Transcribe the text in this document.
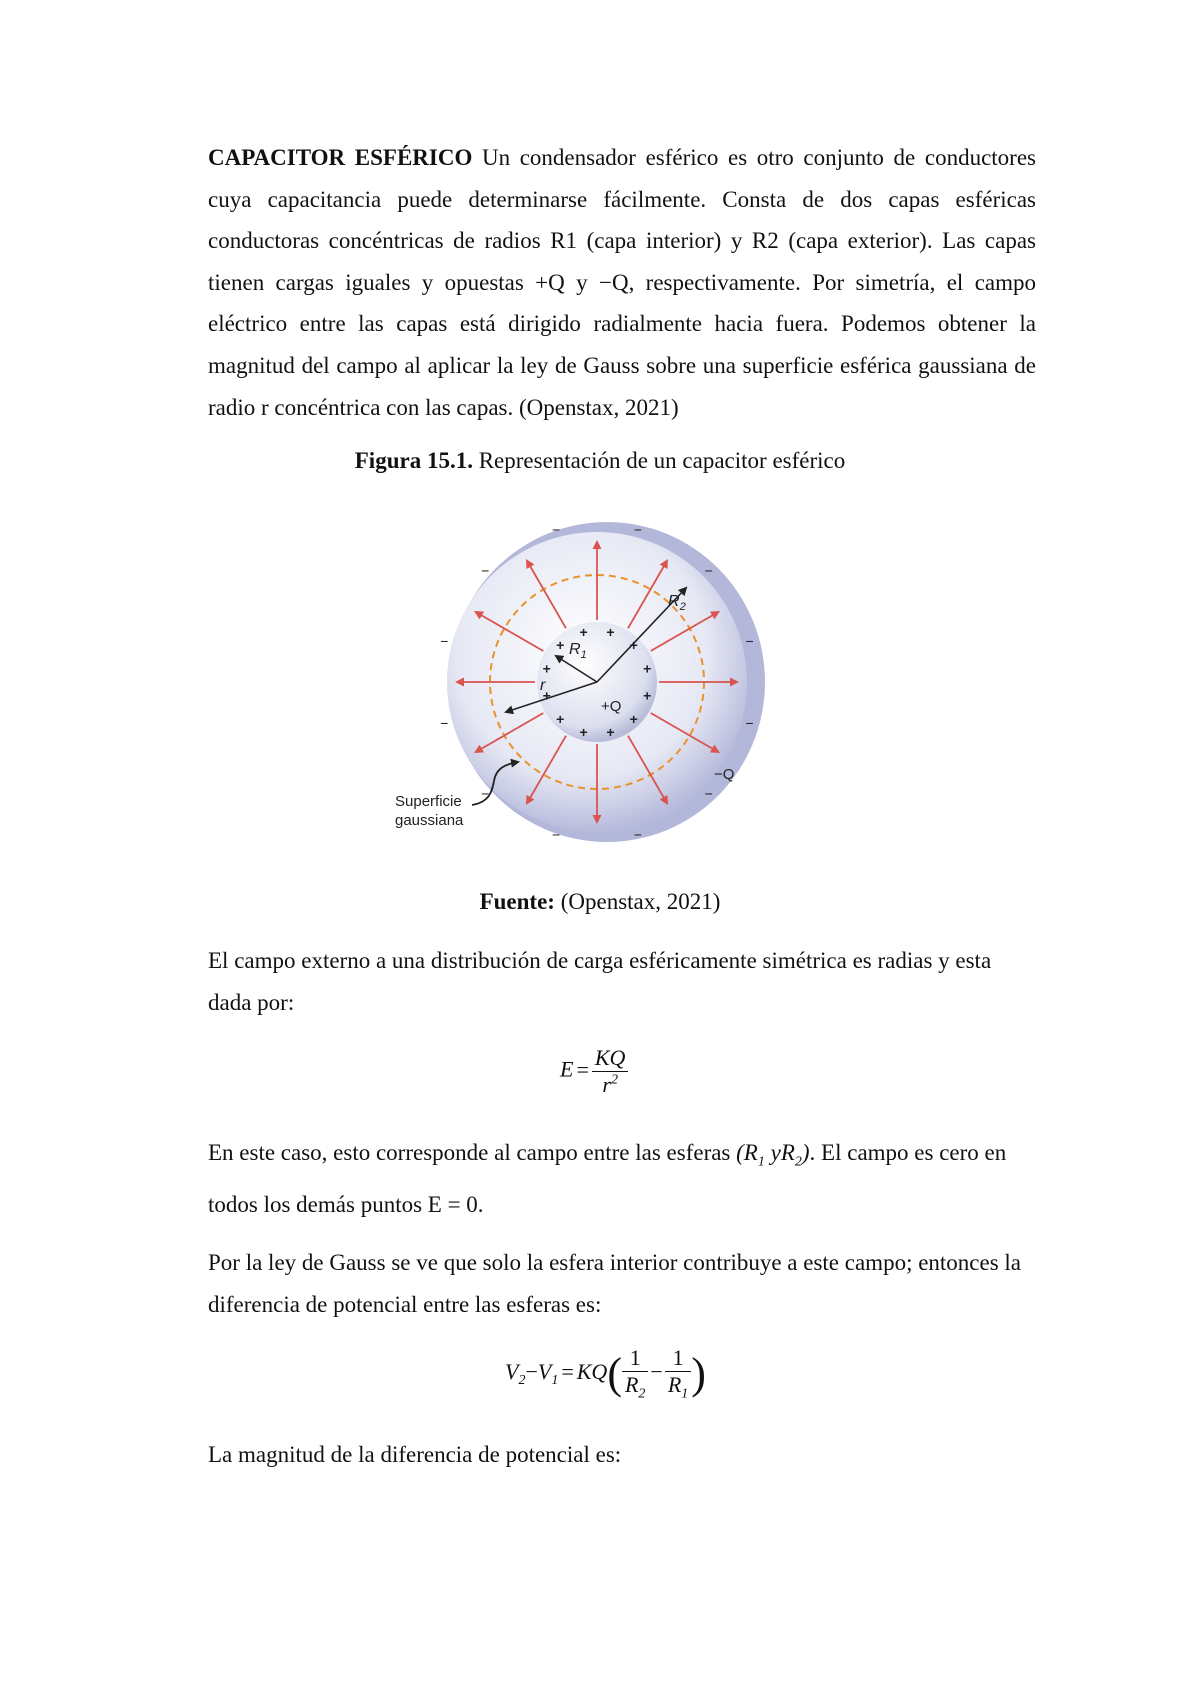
CAPACITOR ESFÉRICO Un condensador esférico es otro conjunto de conductores cuya capacitancia puede determinarse fácilmente. Consta de dos capas esféricas conductoras concéntricas de radios R1 (capa interior) y R2 (capa exterior). Las capas tienen cargas iguales y opuestas +Q y −Q, respectivamente. Por simetría, el campo eléctrico entre las capas está dirigido radialmente hacia fuera. Podemos obtener la magnitud del campo al aplicar la ley de Gauss sobre una superficie esférica gaussiana de radio r concéntrica con las capas. (Openstax, 2021)
Figura 15.1. Representación de un capacitor esférico
+
+
+
+
+
+
+
+
+ +
+
+
−
−
−
−
−
−
−
−
−	−
−
−
$R_2$
$R_1$
r
+Q
−Q
Superficie
gaussiana
Fuente: (Openstax, 2021)
El campo externo a una distribución de carga esféricamente simétrica es radias y esta dada por:
$E = \frac{KQ}{r^2}$
En este caso, esto corresponde al campo entre las esferas ($R_1$ $yR_2$). El campo es cero en todos los demás puntos E = 0.
Por la ley de Gauss se ve que solo la esfera interior contribuye a este campo; entonces la diferencia de potencial entre las esferas es:
$V_2-V_1 = KQ( \frac{1}{R_2} - \frac{1}{R_1}$ )
La magnitud de la diferencia de potencial es:
